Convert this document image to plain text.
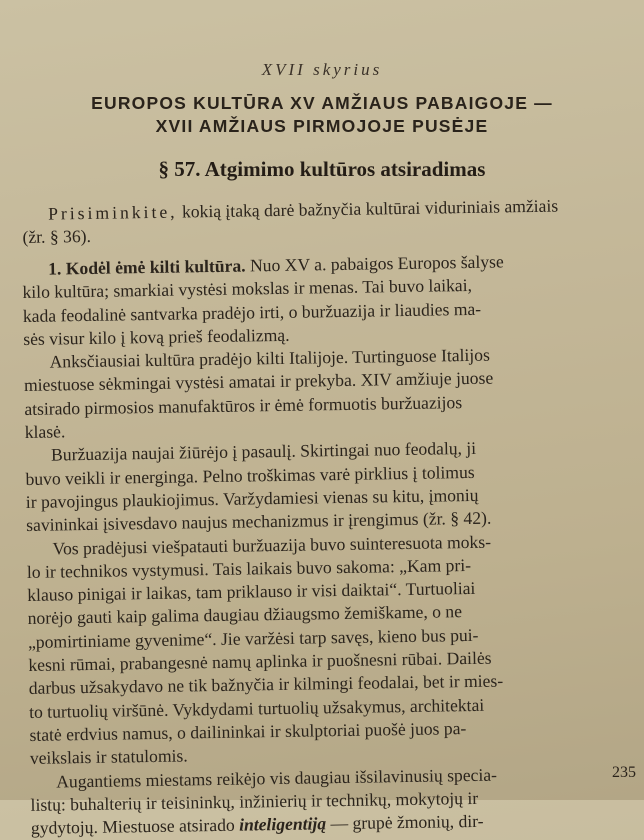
XVII skyrius
EUROPOS KULTŪRA XV AMŽIAUS PABAIGOJE —
XVII AMŽIAUS PIRMOJOJE PUSĖJE
§ 57. Atgimimo kultūros atsiradimas
Prisiminkite, kokią įtaką darė bažnyčia kultūrai viduriniais amžiais
(žr. § 36).
1. Kodėl ėmė kilti kultūra. Nuo XV a. pabaigos Europos šalyse
kilo kultūra; smarkiai vystėsi mokslas ir menas. Tai buvo laikai,
kada feodalinė santvarka pradėjo irti, o buržuazija ir liaudies ma-
sės visur kilo į kovą prieš feodalizmą.
Anksčiausiai kultūra pradėjo kilti Italijoje. Turtinguose Italijos
miestuose sėkmingai vystėsi amatai ir prekyba. XIV amžiuje juose
atsirado pirmosios manufaktūros ir ėmė formuotis buržuazijos
klasė.
Buržuazija naujai žiūrėjo į pasaulį. Skirtingai nuo feodalų, ji
buvo veikli ir energinga. Pelno troškimas varė pirklius į tolimus
ir pavojingus plaukiojimus. Varžydamiesi vienas su kitu, įmonių
savininkai įsivesdavo naujus mechanizmus ir įrengimus (žr. § 42).
Vos pradėjusi viešpatauti buržuazija buvo suinteresuota moks-
lo ir technikos vystymusi. Tais laikais buvo sakoma: „Kam pri-
klauso pinigai ir laikas, tam priklauso ir visi daiktai“. Turtuoliai
norėjo gauti kaip galima daugiau džiaugsmo žemiškame, o ne
„pomirtiniame gyvenime“. Jie varžėsi tarp savęs, kieno bus pui-
kesni rūmai, prabangesnė namų aplinka ir puošnesni rūbai. Dailės
darbus užsakydavo ne tik bažnyčia ir kilmingi feodalai, bet ir mies-
to turtuolių viršūnė. Vykdydami turtuolių užsakymus, architektai
statė erdvius namus, o dailininkai ir skulptoriai puošė juos pa-
veikslais ir statulomis.
Augantiems miestams reikėjo vis daugiau išsilavinusių specia-
listų: buhalterių ir teisininkų, inžinierių ir technikų, mokytojų ir
gydytojų. Miestuose atsirado inteligentiją — grupė žmonių, dir-
235
